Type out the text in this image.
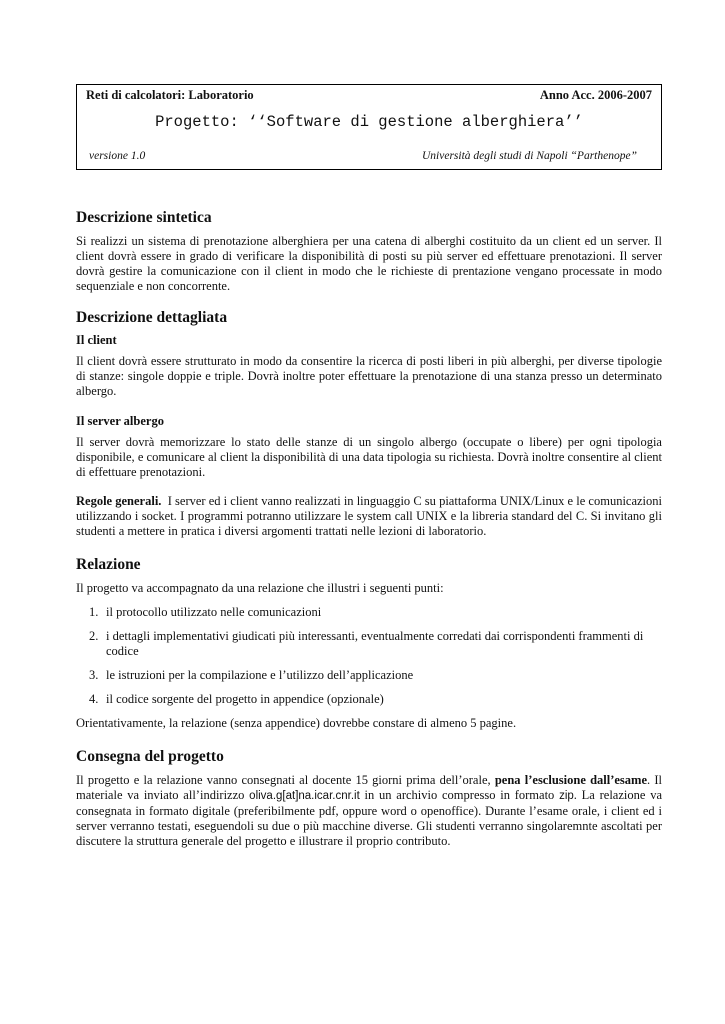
Reti di calcolatori: Laboratorio	Anno Acc. 2006-2007
Progetto: ‘‘Software di gestione alberghiera’’
versione 1.0	Università degli studi di Napoli “Parthenope”
Descrizione sintetica

Si realizzi un sistema di prenotazione alberghiera per una catena di alberghi costituito da un client ed un server. Il client dovrà essere in grado di verificare la disponibilità di posti su più server ed effettuare prenotazioni. Il server dovrà gestire la comunicazione con il client in modo che le richieste di prentazione vengano processate in modo sequenziale e non concorrente.

Descrizione dettagliata
Il client

Il client dovrà essere strutturato in modo da consentire la ricerca di posti liberi in più alberghi, per diverse tipologie di stanze: singole doppie e triple. Dovrà inoltre poter effettuare la prenotazione di una stanza presso un determinato albergo.

Il server albergo

Il server dovrà memorizzare lo stato delle stanze di un singolo albergo (occupate o libere) per ogni tipologia disponibile, e comunicare al client la disponibilità di una data tipologia su richiesta. Dovrà inoltre consentire al client di effettuare prenotazioni.

Regole generali. I server ed i client vanno realizzati in linguaggio C su piattaforma UNIX/Linux e le comunicazioni utilizzando i socket. I programmi potranno utilizzare le system call UNIX e la libreria standard del C. Si invitano gli studenti a mettere in pratica i diversi argomenti trattati nelle lezioni di laboratorio.

Relazione

Il progetto va accompagnato da una relazione che illustri i seguenti punti:

1. il protocollo utilizzato nelle comunicazioni
2. i dettagli implementativi giudicati più interessanti, eventualmente corredati dai corrispondenti frammenti di codice
3. le istruzioni per la compilazione e l’utilizzo dell’applicazione
4. il codice sorgente del progetto in appendice (opzionale)

Orientativamente, la relazione (senza appendice) dovrebbe constare di almeno 5 pagine.

Consegna del progetto

Il progetto e la relazione vanno consegnati al docente 15 giorni prima dell’orale, pena l’esclusione dall’esame. Il materiale va inviato all’indirizzo oliva.g[at]na.icar.cnr.it in un archivio compresso in formato zip. La relazione va consegnata in formato digitale (preferibilmente pdf, oppure word o openoffice). Durante l’esame orale, i client ed i server verranno testati, eseguendoli su due o più macchine diverse. Gli studenti verranno singolaremnte ascoltati per discutere la struttura generale del progetto e illustrare il proprio contributo.
